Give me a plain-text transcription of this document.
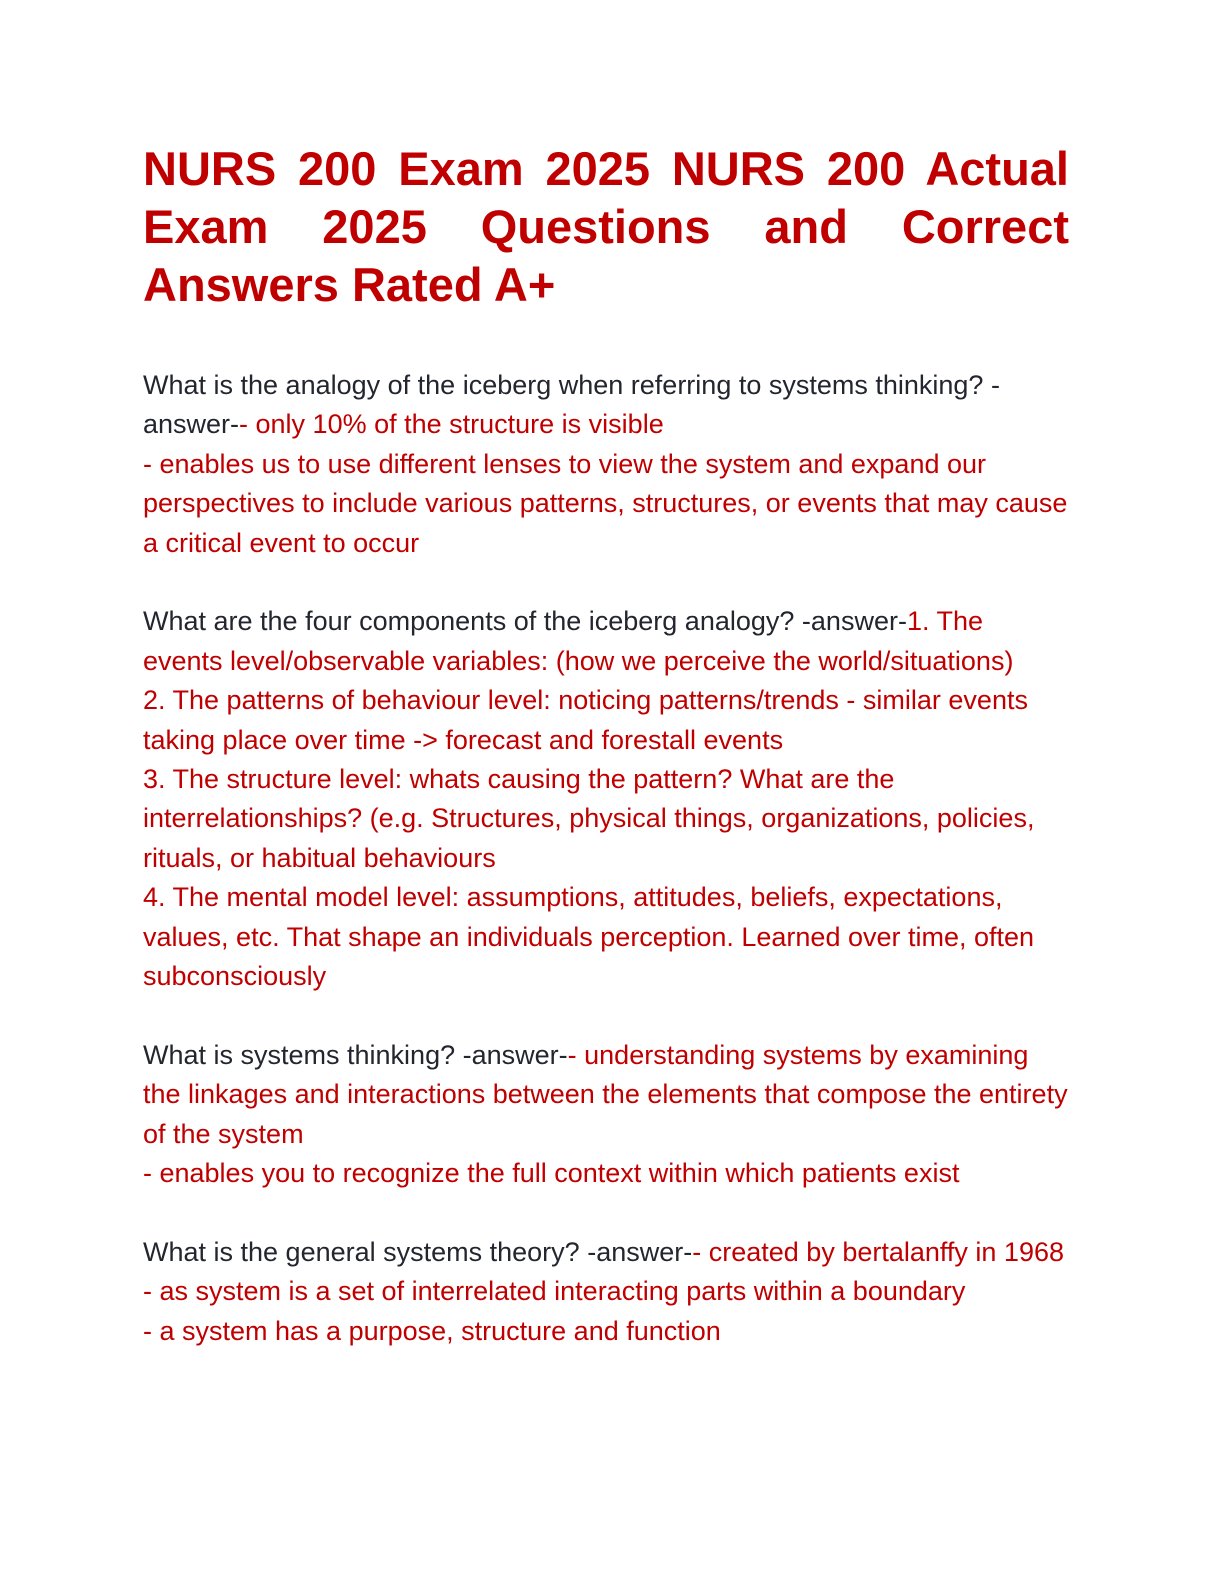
NURS 200 Exam 2025 NURS 200 Actual Exam 2025 Questions and Correct Answers Rated A+
What is the analogy of the iceberg when referring to systems thinking? -answer-- only 10% of the structure is visible
- enables us to use different lenses to view the system and expand our perspectives to include various patterns, structures, or events that may cause a critical event to occur
What are the four components of the iceberg analogy? -answer-1. The events level/observable variables: (how we perceive the world/situations)
2. The patterns of behaviour level: noticing patterns/trends - similar events taking place over time -> forecast and forestall events
3. The structure level: whats causing the pattern? What are the interrelationships? (e.g. Structures, physical things, organizations, policies, rituals, or habitual behaviours
4. The mental model level: assumptions, attitudes, beliefs, expectations, values, etc. That shape an individuals perception. Learned over time, often subconsciously
What is systems thinking? -answer-- understanding systems by examining the linkages and interactions between the elements that compose the entirety of the system
- enables you to recognize the full context within which patients exist
What is the general systems theory? -answer-- created by bertalanffy in 1968
- as system is a set of interrelated interacting parts within a boundary
- a system has a purpose, structure and function
